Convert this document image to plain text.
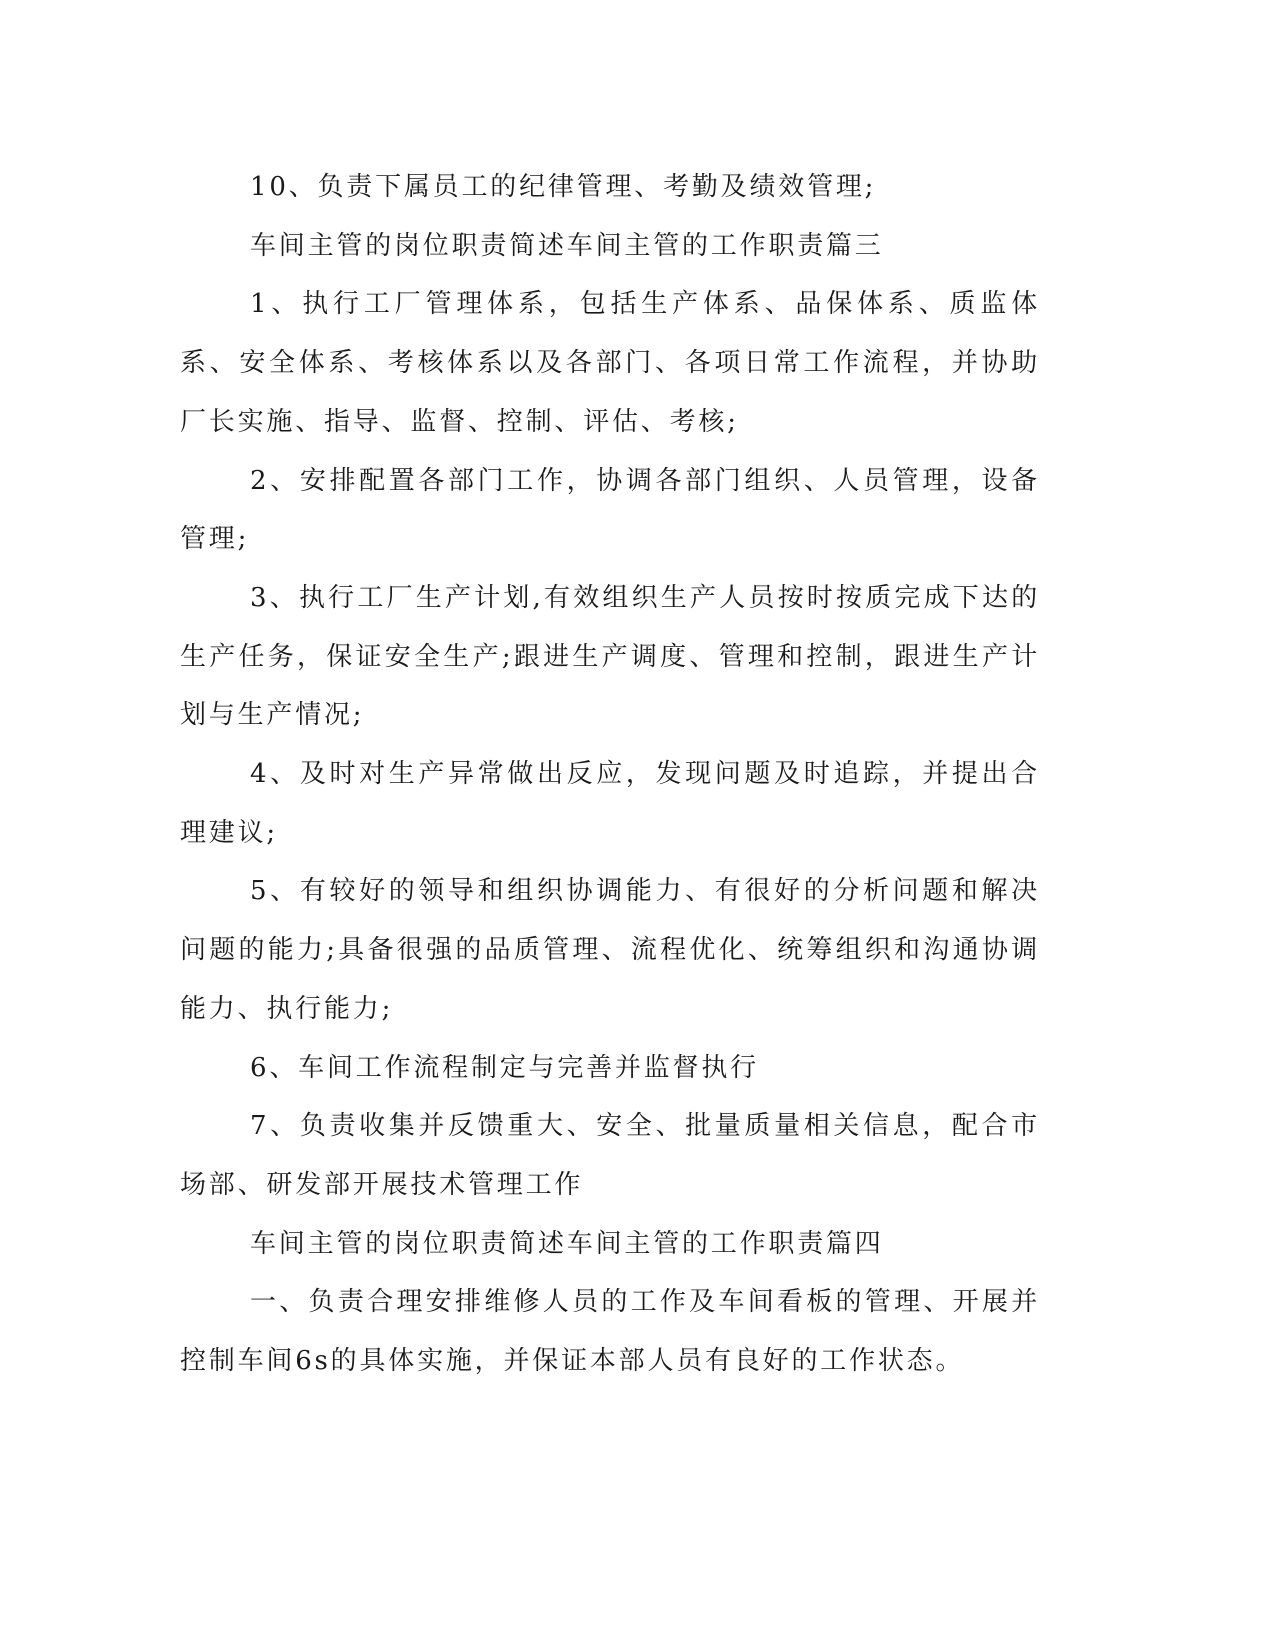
10、负责下属员工的纪律管理、考勤及绩效管理;

车间主管的岗位职责简述车间主管的工作职责篇三

1、执行工厂管理体系，包括生产体系、品保体系、质监体系、安全体系、考核体系以及各部门、各项日常工作流程，并协助厂长实施、指导、监督、控制、评估、考核;

2、安排配置各部门工作，协调各部门组织、人员管理，设备管理;

3、执行工厂生产计划,有效组织生产人员按时按质完成下达的生产任务，保证安全生产;跟进生产调度、管理和控制，跟进生产计划与生产情况;

4、及时对生产异常做出反应，发现问题及时追踪，并提出合理建议;

5、有较好的领导和组织协调能力、有很好的分析问题和解决问题的能力;具备很强的品质管理、流程优化、统筹组织和沟通协调能力、执行能力;

6、车间工作流程制定与完善并监督执行

7、负责收集并反馈重大、安全、批量质量相关信息，配合市场部、研发部开展技术管理工作

车间主管的岗位职责简述车间主管的工作职责篇四

一、负责合理安排维修人员的工作及车间看板的管理、开展并控制车间6s的具体实施，并保证本部人员有良好的工作状态。
